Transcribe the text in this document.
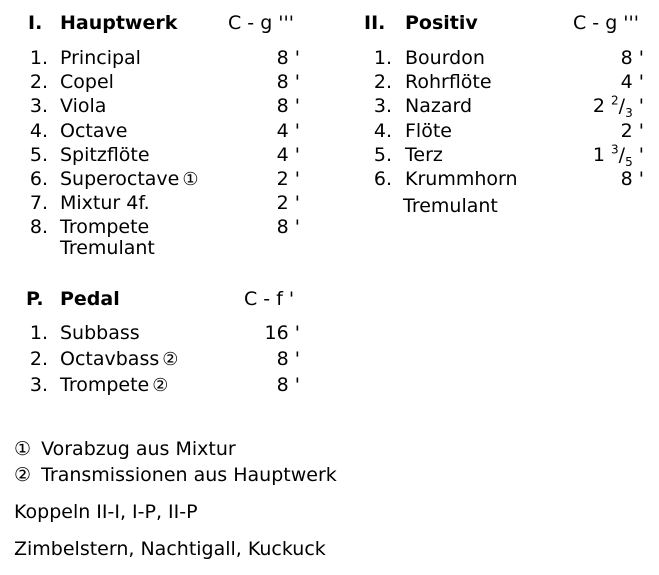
I. Hauptwerk	C - g '''
1. Principal	8 '
2. Copel	8 '
3. Viola	8 '
4. Octave	4 '
5. Spitzflöte	4 '
6. Superoctave ①	2 '
7. Mixtur 4f.	2 '
8. Trompete	8 '
Tremulant
II. Positiv	C - g '''
1. Bourdon	8 '
2. Rohrflöte	4 '
3. Nazard	2 $^2/_3$ '
4. Flöte	2 '
5. Terz	1 $^3/_5$ '
6. Krummhorn	8 '
Tremulant
P. Pedal	C - f '
1. Subbass	16 '
2. Octavbass ②	8 '
3. Trompete ②	8 '
① Vorabzug aus Mixtur
② Transmissionen aus Hauptwerk
Koppeln II-I, I-P, II-P
Zimbelstern, Nachtigall, Kuckuck
